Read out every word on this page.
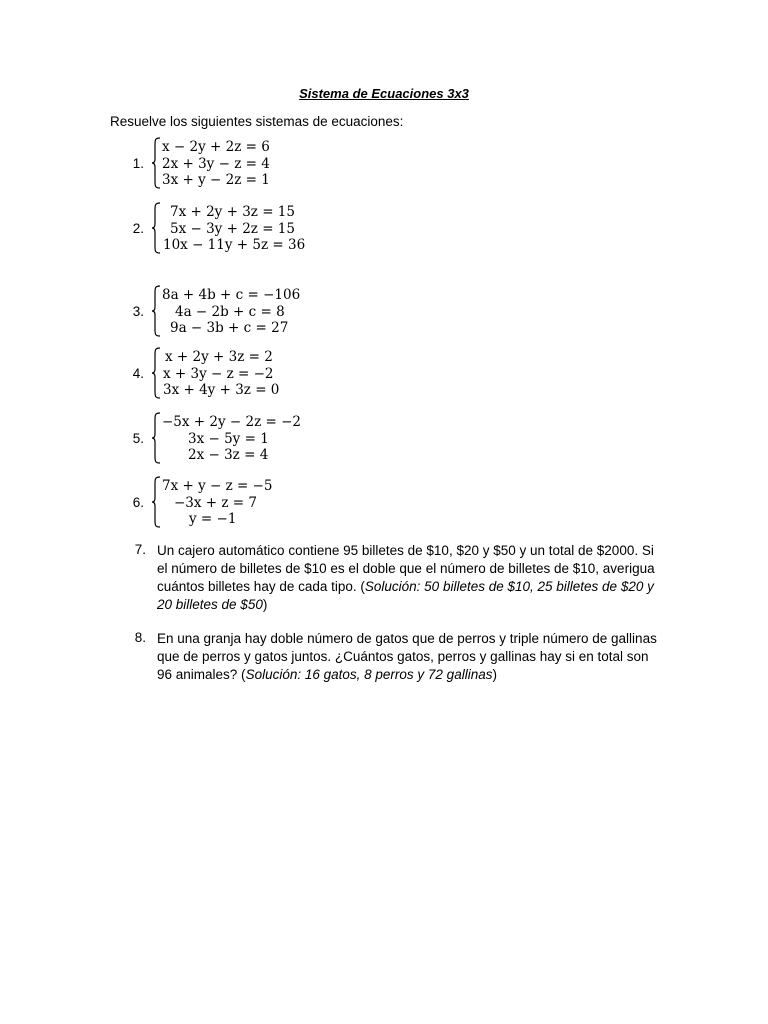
Sistema de Ecuaciones 3x3
Resuelve los siguientes sistemas de ecuaciones:
1.
x − 2y + 2z = 6
2x + 3y − z = 4
3x + y − 2z = 1
2.
7x + 2y + 3z = 15
5x − 3y + 2z = 15
10x − 11y + 5z = 36
3.
8a + 4b + c = −106
4a − 2b + c = 8
9a − 3b + c = 27
4.
x + 2y + 3z = 2
x + 3y − z = −2
3x + 4y + 3z = 0
5.
−5x + 2y − 2z = −2
3x − 5y = 1
2x − 3z = 4
6.
7x + y − z = −5
−3x + z = 7
y = −1
7. Un cajero automático contiene 95 billetes de $10, $20 y $50 y un total de $2000. Si el número de billetes de $10 es el doble que el número de billetes de $10, averigua cuántos billetes hay de cada tipo. (Solución: 50 billetes de $10, 25 billetes de $20 y 20 billetes de $50)
8. En una granja hay doble número de gatos que de perros y triple número de gallinas que de perros y gatos juntos. ¿Cuántos gatos, perros y gallinas hay si en total son 96 animales? (Solución: 16 gatos, 8 perros y 72 gallinas)
